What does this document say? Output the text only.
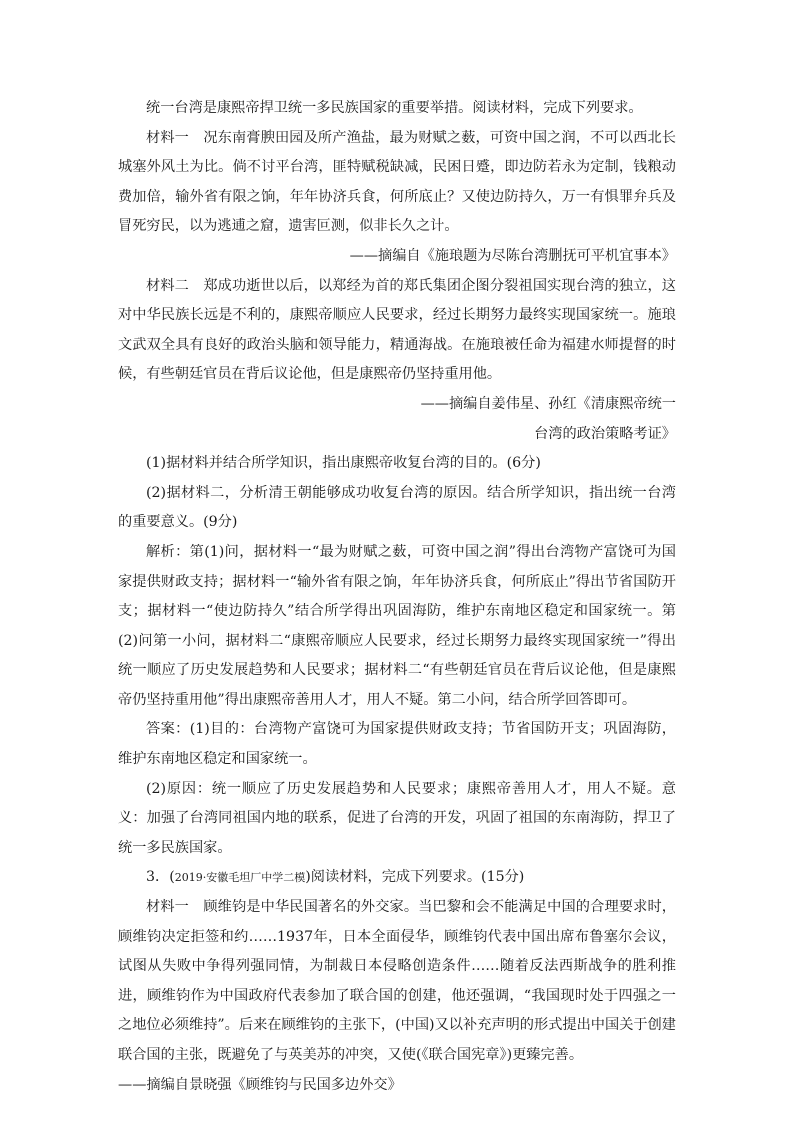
统一台湾是康熙帝捍卫统一多民族国家的重要举措。阅读材料，完成下列要求。

材料一　 况东南膏腴田园及所产渔盐，最为财赋之薮，可资中国之润，不可以西北长城塞外风土为比。倘不讨平台湾，匪特赋税缺减，民困日蹙，即边防若永为定制，钱粮动费加倍，输外省有限之饷，年年协济兵食，何所底止？又使边防持久，万一有惧罪弁兵及冒死穷民，以为逃逋之窟，遗害叵测，似非长久之计。

——摘编自《施琅题为尽陈台湾删抚可平机宜事本》

材料二　 郑成功逝世以后，以郑经为首的郑氏集团企图分裂祖国实现台湾的独立，这对中华民族长远是不利的，康熙帝顺应人民要求，经过长期努力最终实现国家统一。施琅文武双全具有良好的政治头脑和领导能力，精通海战。在施琅被任命为福建水师提督的时候，有些朝廷官员在背后议论他，但是康熙帝仍坚持重用他。

——摘编自姜伟星、孙红《清康熙帝统一

台湾的政治策略考证》

(1)据材料并结合所学知识，指出康熙帝收复台湾的目的。(6分)

(2)据材料二，分析清王朝能够成功收复台湾的原因。结合所学知识，指出统一台湾的重要意义。(9分)

解析：第(1)问，据材料一“最为财赋之薮，可资中国之润”得出台湾物产富饶可为国家提供财政支持；据材料一“输外省有限之饷，年年协济兵食，何所底止”得出节省国防开支；据材料一“使边防持久”结合所学得出巩固海防，维护东南地区稳定和国家统一。第(2)问第一小问，据材料二“康熙帝顺应人民要求，经过长期努力最终实现国家统一”得出统一顺应了历史发展趋势和人民要求；据材料二“有些朝廷官员在背后议论他，但是康熙帝仍坚持重用他”得出康熙帝善用人才，用人不疑。第二小问，结合所学回答即可。

答案：(1)目的：台湾物产富饶可为国家提供财政支持；节省国防开支；巩固海防，维护东南地区稳定和国家统一。

(2)原因：统一顺应了历史发展趋势和人民要求；康熙帝善用人才，用人不疑。意义：加强了台湾同祖国内地的联系，促进了台湾的开发，巩固了祖国的东南海防，捍卫了统一多民族国家。

3．(2019·安徽毛坦厂中学二模)阅读材料，完成下列要求。(15分)

材料一　 顾维钧是中华民国著名的外交家。当巴黎和会不能满足中国的合理要求时，顾维钧决定拒签和约……1937年，日本全面侵华，顾维钧代表中国出席布鲁塞尔会议，试图从失败中争得列强同情，为制裁日本侵略创造条件……随着反法西斯战争的胜利推进，顾维钧作为中国政府代表参加了联合国的创建，他还强调，“我国现时处于四强之一之地位必须维持”。后来在顾维钧的主张下，(中国)又以补充声明的形式提出中国关于创建联合国的主张，既避免了与英美苏的冲突，又使(《联合国宪章》)更臻完善。

——摘编自景晓强《顾维钧与民国多边外交》
